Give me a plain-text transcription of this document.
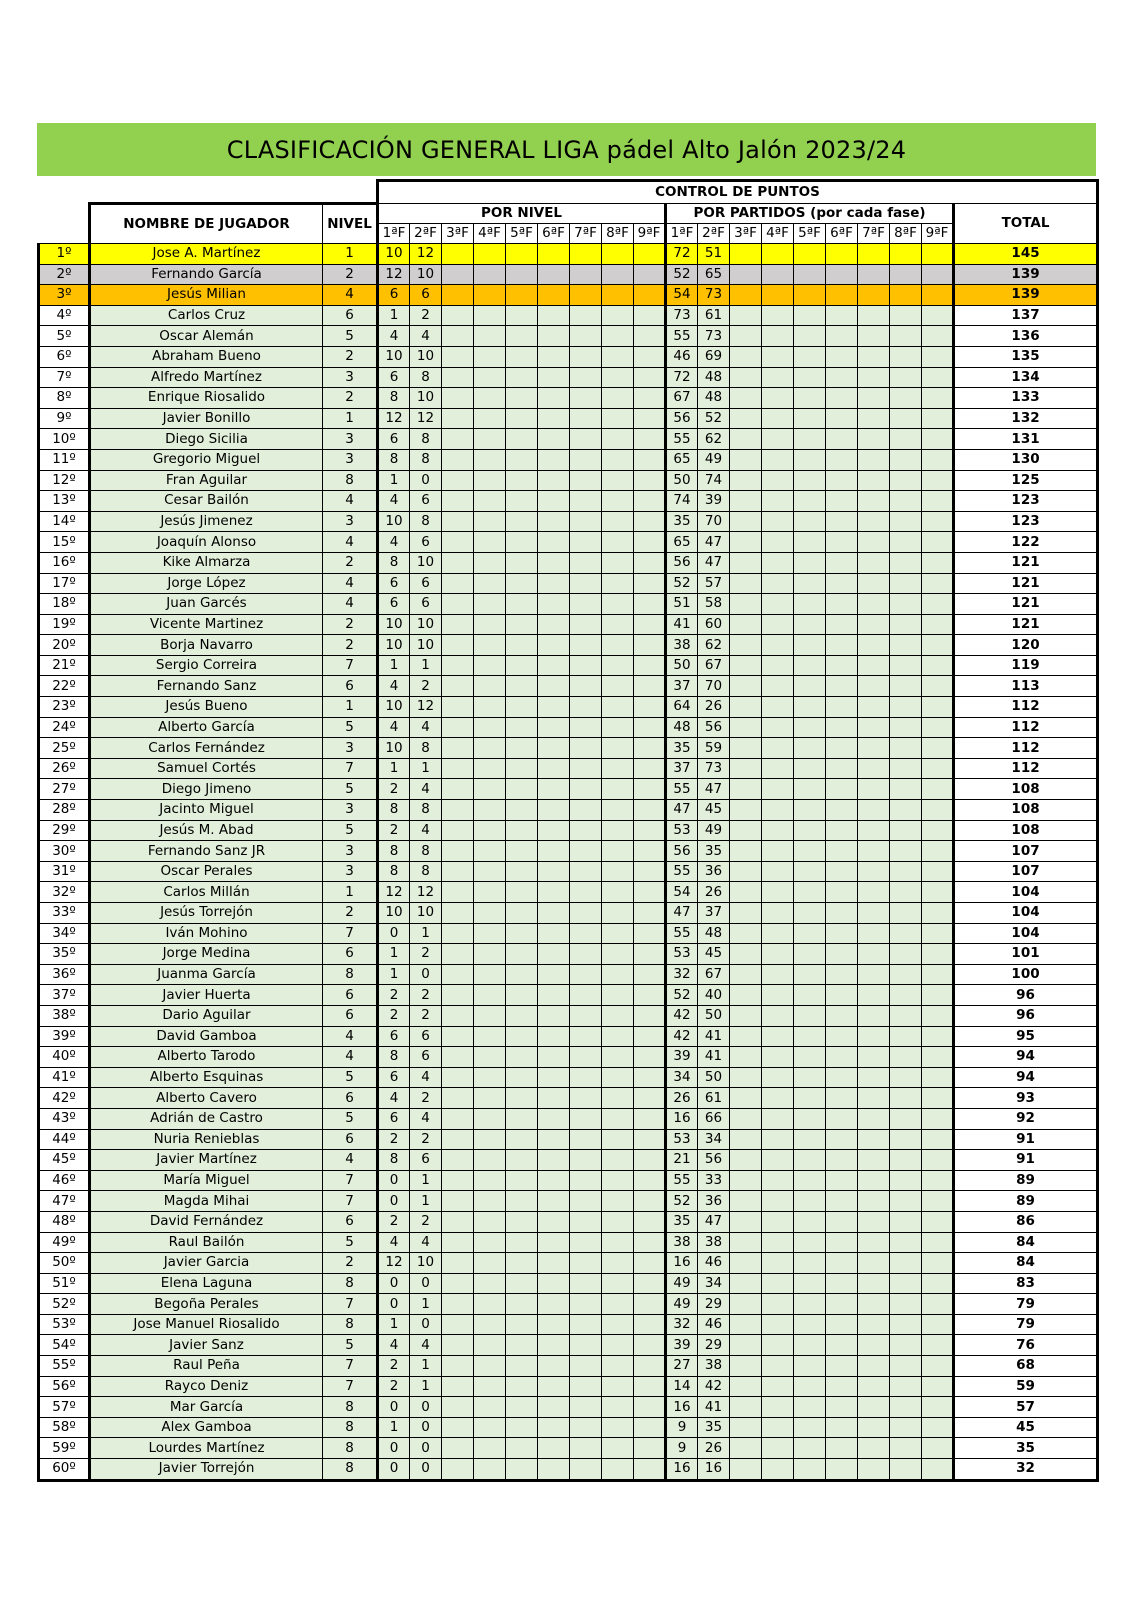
CLASIFICACIÓN GENERAL LIGA pádel Alto Jalón 2023/24
			CONTROL DE PUNTOS																		
	NOMBRE DE JUGADOR	NIVEL	POR NIVEL									POR PARTIDOS (por cada fase)									TOTAL
			1ªF	2ªF	3ªF	4ªF	5ªF	6ªF	7ªF	8ªF	9ªF	1ªF	2ªF	3ªF	4ªF	5ªF	6ªF	7ªF	8ªF	9ªF	
1º	Jose A. Martínez	1	10	12								72	51								145
2º	Fernando García	2	12	10								52	65								139
3º	Jesús Milian	4	6	6								54	73								139
4º	Carlos Cruz	6	1	2								73	61								137
5º	Oscar Alemán	5	4	4								55	73								136
6º	Abraham Bueno	2	10	10								46	69								135
7º	Alfredo Martínez	3	6	8								72	48								134
8º	Enrique Riosalido	2	8	10								67	48								133
9º	Javier Bonillo	1	12	12								56	52								132
10º	Diego Sicilia	3	6	8								55	62								131
11º	Gregorio Miguel	3	8	8								65	49								130
12º	Fran Aguilar	8	1	0								50	74								125
13º	Cesar Bailón	4	4	6								74	39								123
14º	Jesús Jimenez	3	10	8								35	70								123
15º	Joaquín Alonso	4	4	6								65	47								122
16º	Kike Almarza	2	8	10								56	47								121
17º	Jorge López	4	6	6								52	57								121
18º	Juan Garcés	4	6	6								51	58								121
19º	Vicente Martinez	2	10	10								41	60								121
20º	Borja Navarro	2	10	10								38	62								120
21º	Sergio Correira	7	1	1								50	67								119
22º	Fernando Sanz	6	4	2								37	70								113
23º	Jesús Bueno	1	10	12								64	26								112
24º	Alberto García	5	4	4								48	56								112
25º	Carlos Fernández	3	10	8								35	59								112
26º	Samuel Cortés	7	1	1								37	73								112
27º	Diego Jimeno	5	2	4								55	47								108
28º	Jacinto Miguel	3	8	8								47	45								108
29º	Jesús M. Abad	5	2	4								53	49								108
30º	Fernando Sanz JR	3	8	8								56	35								107
31º	Oscar Perales	3	8	8								55	36								107
32º	Carlos Millán	1	12	12								54	26								104
33º	Jesús Torrejón	2	10	10								47	37								104
34º	Iván Mohino	7	0	1								55	48								104
35º	Jorge Medina	6	1	2								53	45								101
36º	Juanma García	8	1	0								32	67								100
37º	Javier Huerta	6	2	2								52	40								96
38º	Dario Aguilar	6	2	2								42	50								96
39º	David Gamboa	4	6	6								42	41								95
40º	Alberto Tarodo	4	8	6								39	41								94
41º	Alberto Esquinas	5	6	4								34	50								94
42º	Alberto Cavero	6	4	2								26	61								93
43º	Adrián de Castro	5	6	4								16	66								92
44º	Nuria Renieblas	6	2	2								53	34								91
45º	Javier Martínez	4	8	6								21	56								91
46º	María Miguel	7	0	1								55	33								89
47º	Magda Mihai	7	0	1								52	36								89
48º	David Fernández	6	2	2								35	47								86
49º	Raul Bailón	5	4	4								38	38								84
50º	Javier Garcia	2	12	10								16	46								84
51º	Elena Laguna	8	0	0								49	34								83
52º	Begoña Perales	7	0	1								49	29								79
53º	Jose Manuel Riosalido	8	1	0								32	46								79
54º	Javier Sanz	5	4	4								39	29								76
55º	Raul Peña	7	2	1								27	38								68
56º	Rayco Deniz	7	2	1								14	42								59
57º	Mar García	8	0	0								16	41								57
58º	Alex Gamboa	8	1	0								9	35								45
59º	Lourdes Martínez	8	0	0								9	26								35
60º	Javier Torrejón	8	0	0								16	16								32
